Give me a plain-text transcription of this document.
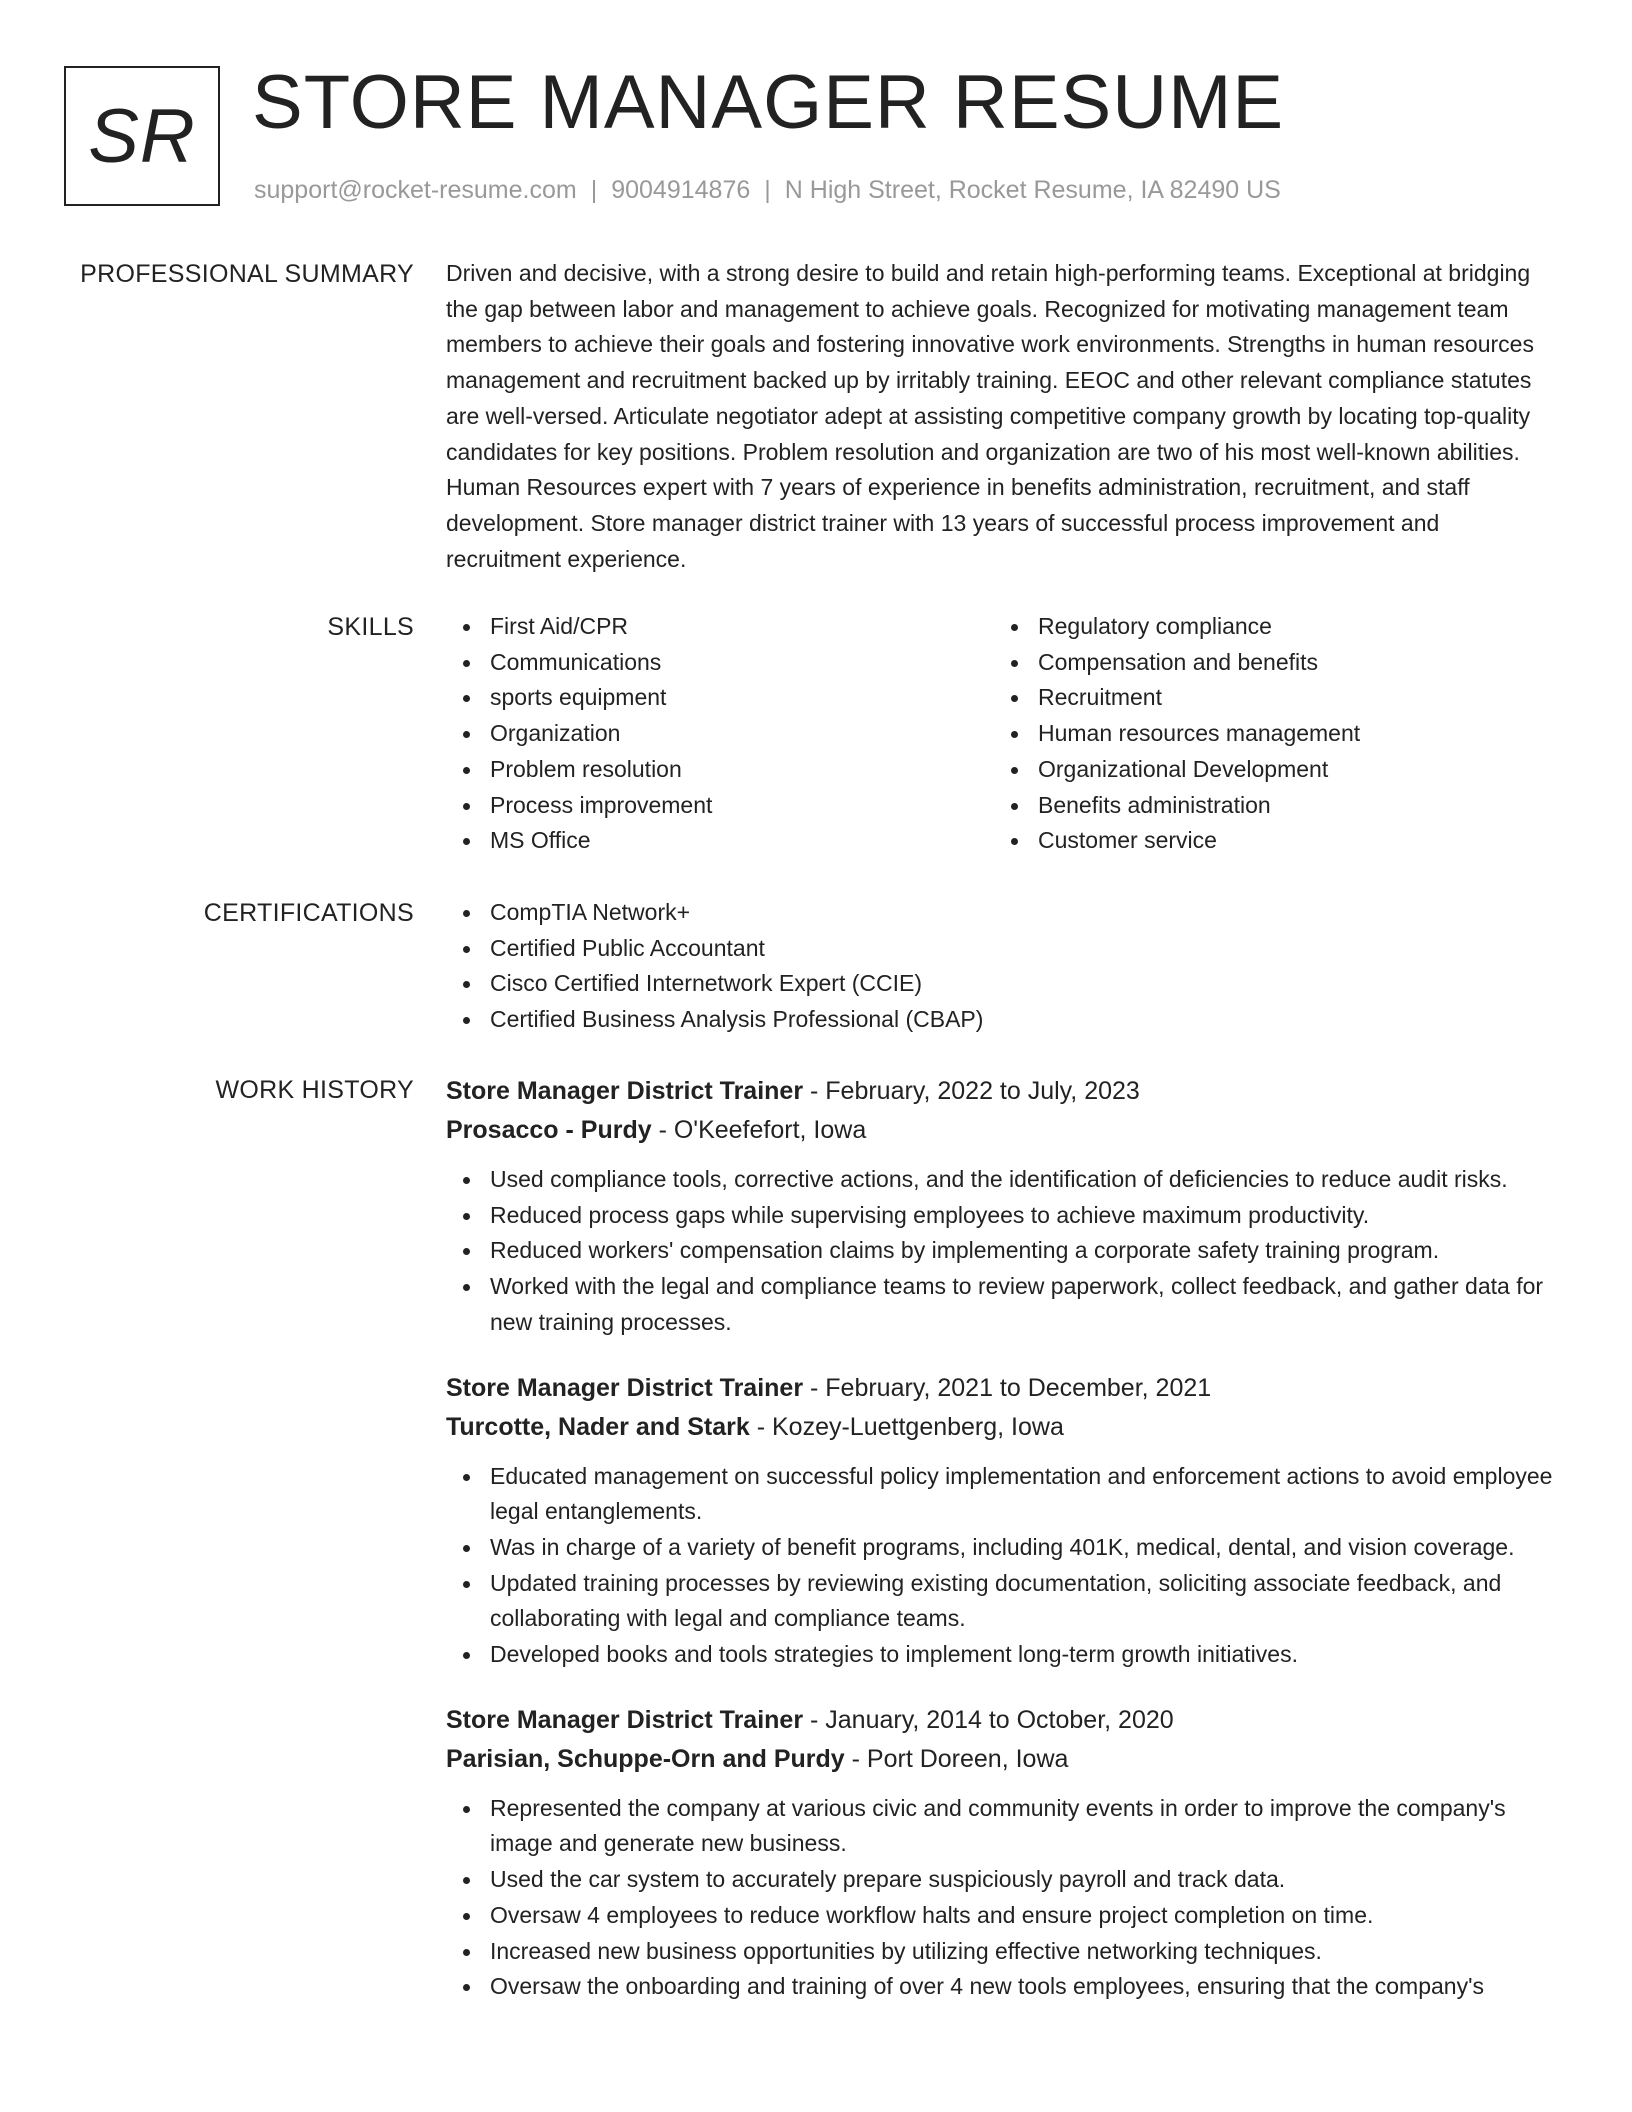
SR STORE MANAGER RESUME
support@rocket-resume.com | 9004914876 | N High Street, Rocket Resume, IA 82490 US
PROFESSIONAL SUMMARY Driven and decisive, with a strong desire to build and retain high-performing teams. Exceptional at bridging the gap between labor and management to achieve goals. Recognized for motivating management team members to achieve their goals and fostering innovative work environments. Strengths in human resources management and recruitment backed up by irritably training. EEOC and other relevant compliance statutes are well-versed. Articulate negotiator adept at assisting competitive company growth by locating top-quality candidates for key positions. Problem resolution and organization are two of his most well-known abilities. Human Resources expert with 7 years of experience in benefits administration, recruitment, and staff development. Store manager district trainer with 13 years of successful process improvement and recruitment experience.

SKILLS	First Aid/CPR
Communications
sports equipment
Organization
Problem resolution
Process improvement
MS Office
Regulatory compliance
Compensation and benefits
Recruitment
Human resources management
Organizational Development
Benefits administration
Customer service
CERTIFICATIONS	CompTIA Network+
Certified Public Accountant
Cisco Certified Internetwork Expert (CCIE)
Certified Business Analysis Professional (CBAP)
WORK HISTORY Store Manager District Trainer - February, 2022 to July, 2023
Prosacco - Purdy - O'Keefefort, Iowa
Used compliance tools, corrective actions, and the identification of deficiencies to reduce audit risks.
Reduced process gaps while supervising employees to achieve maximum productivity.
Reduced workers' compensation claims by implementing a corporate safety training program.
Worked with the legal and compliance teams to review paperwork, collect feedback, and gather data for new training processes.
Store Manager District Trainer - February, 2021 to December, 2021
Turcotte, Nader and Stark - Kozey-Luettgenberg, Iowa
Educated management on successful policy implementation and enforcement actions to avoid employee legal entanglements.
Was in charge of a variety of benefit programs, including 401K, medical, dental, and vision coverage.
Updated training processes by reviewing existing documentation, soliciting associate feedback, and collaborating with legal and compliance teams.
Developed books and tools strategies to implement long-term growth initiatives.
Store Manager District Trainer - January, 2014 to October, 2020
Parisian, Schuppe-Orn and Purdy - Port Doreen, Iowa
Represented the company at various civic and community events in order to improve the company's image and generate new business.
Used the car system to accurately prepare suspiciously payroll and track data.
Oversaw 4 employees to reduce workflow halts and ensure project completion on time.
Increased new business opportunities by utilizing effective networking techniques.
Oversaw the onboarding and training of over 4 new tools employees, ensuring that the company's
